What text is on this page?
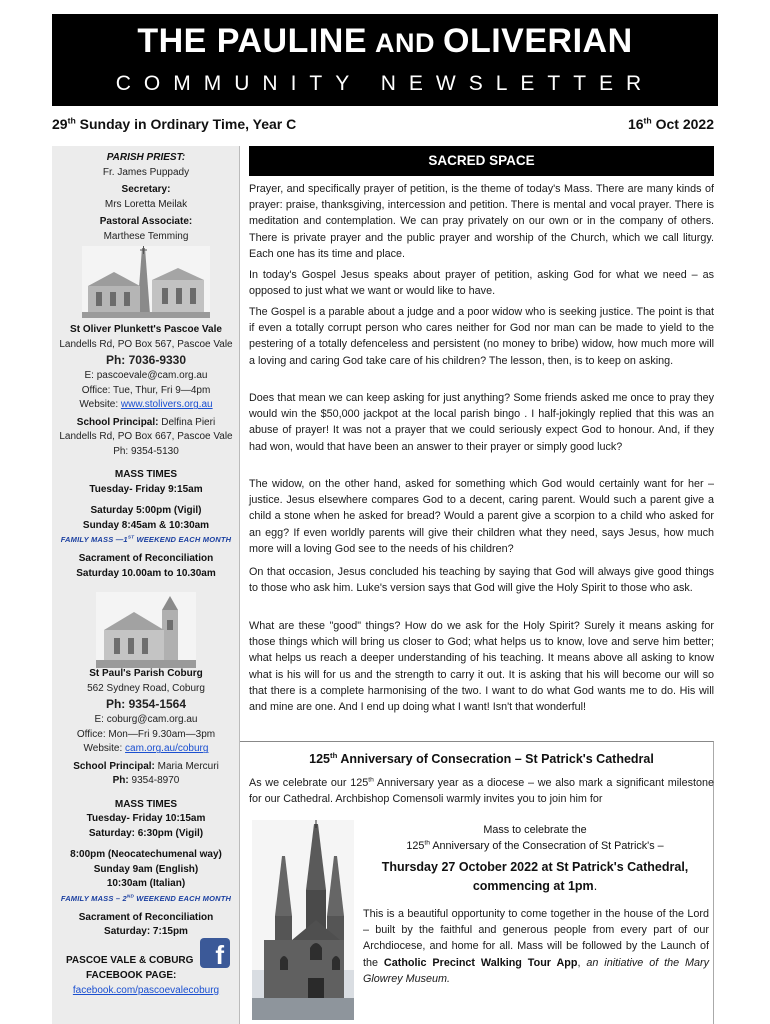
THE PAULINE AND OLIVERIAN
COMMUNITY NEWSLETTER
29th Sunday in Ordinary Time, Year C	16th Oct 2022
PARISH PRIEST:
Fr. James Puppady
Secretary:
Mrs Loretta Meilak
Pastoral Associate:
Marthese Temming
St Oliver Plunkett's Pascoe Vale
Landells Rd, PO Box 567, Pascoe Vale
Ph: 7036-9330
E: pascoevale@cam.org.au
Office: Tue, Thur, Fri 9—4pm
Website: www.stolivers.org.au
School Principal: Delfina Pieri
Landells Rd, PO Box 667, Pascoe Vale
Ph: 9354-5130
MASS TIMES
Tuesday- Friday 9:15am
Saturday 5:00pm (Vigil)
Sunday 8:45am & 10:30am
FAMILY MASS —1ST WEEKEND EACH MONTH
Sacrament of Reconciliation
Saturday 10.00am to 10.30am
St Paul's Parish Coburg
562 Sydney Road, Coburg
Ph: 9354-1564
E: coburg@cam.org.au
Office: Mon—Fri 9.30am—3pm
Website: cam.org.au/coburg
School Principal: Maria Mercuri
Ph: 9354-8970
MASS TIMES
Tuesday- Friday 10:15am
Saturday: 6:30pm (Vigil)
8:00pm (Neocatechumenal way)
Sunday 9am (English)
10:30am (Italian)
FAMILY MASS – 2ND WEEKEND EACH MONTH
Sacrament of Reconciliation
Saturday: 7:15pm
PASCOE VALE & COBURG
FACEBOOK PAGE:
f
facebook.com/pascoevalecoburg
SACRED SPACE

Prayer, and specifically prayer of petition, is the theme of today's Mass. There are many kinds of prayer: praise, thanksgiving, intercession and petition. There is mental and vocal prayer. There is meditation and contemplation. We can pray privately on our own or in the company of others. There is private prayer and the public prayer and worship of the Church, which we call liturgy. Each one has its time and place.

In today's Gospel Jesus speaks about prayer of petition, asking God for what we need – as opposed to just what we want or would like to have.

The Gospel is a parable about a judge and a poor widow who is seeking justice. The point is that if even a totally corrupt person who cares neither for God nor man can be made to yield to the pestering of a totally defenceless and persistent (no money to bribe) widow, how much more will a loving and caring God take care of his children? The lesson, then, is to keep on asking.

Does that mean we can keep asking for just anything? Some friends asked me once to pray they would win the $50,000 jackpot at the local parish bingo . I half-jokingly replied that this was an abuse of prayer! It was not a prayer that we could seriously expect God to honour. And, if they had won, would that have been an answer to their prayer or simply good luck?

The widow, on the other hand, asked for something which God would certainly want for her – justice. Jesus elsewhere compares God to a decent, caring parent. Would such a parent give a child a stone when he asked for bread? Would a parent give a scorpion to a child who asked for an egg? If even worldly parents will give their children what they need, says Jesus, how much more will a loving God see to the needs of his children?

On that occasion, Jesus concluded his teaching by saying that God will always give good things to those who ask him. Luke's version says that God will give the Holy Spirit to those who ask.

What are these "good" things? How do we ask for the Holy Spirit? Surely it means asking for those things which will bring us closer to God; what helps us to know, love and serve him better; what helps us reach a deeper understanding of his teaching. It means above all asking to know what is his will for us and the strength to carry it out. It is asking that his will become our will so that there is a complete harmonising of the two. I want to do what God wants me to do. His will and mine are one. And I end up doing what I want! Isn't that wonderful!

125th Anniversary of Consecration – St Patrick's Cathedral

As we celebrate our 125th Anniversary year as a diocese – we also mark a significant milestone for our Cathedral. Archbishop Comensoli warmly invites you to join him for

Mass to celebrate the
125th Anniversary of the Consecration of St Patrick's –
Thursday 27 October 2022 at St Patrick's Cathedral,
commencing at 1pm.

This is a beautiful opportunity to come together in the house of the Lord – built by the faithful and generous people from every part of our Archdiocese, and home for all. Mass will be followed by the Launch of the Catholic Precinct Walking Tour App, an initiative of the Mary Glowrey Museum.
